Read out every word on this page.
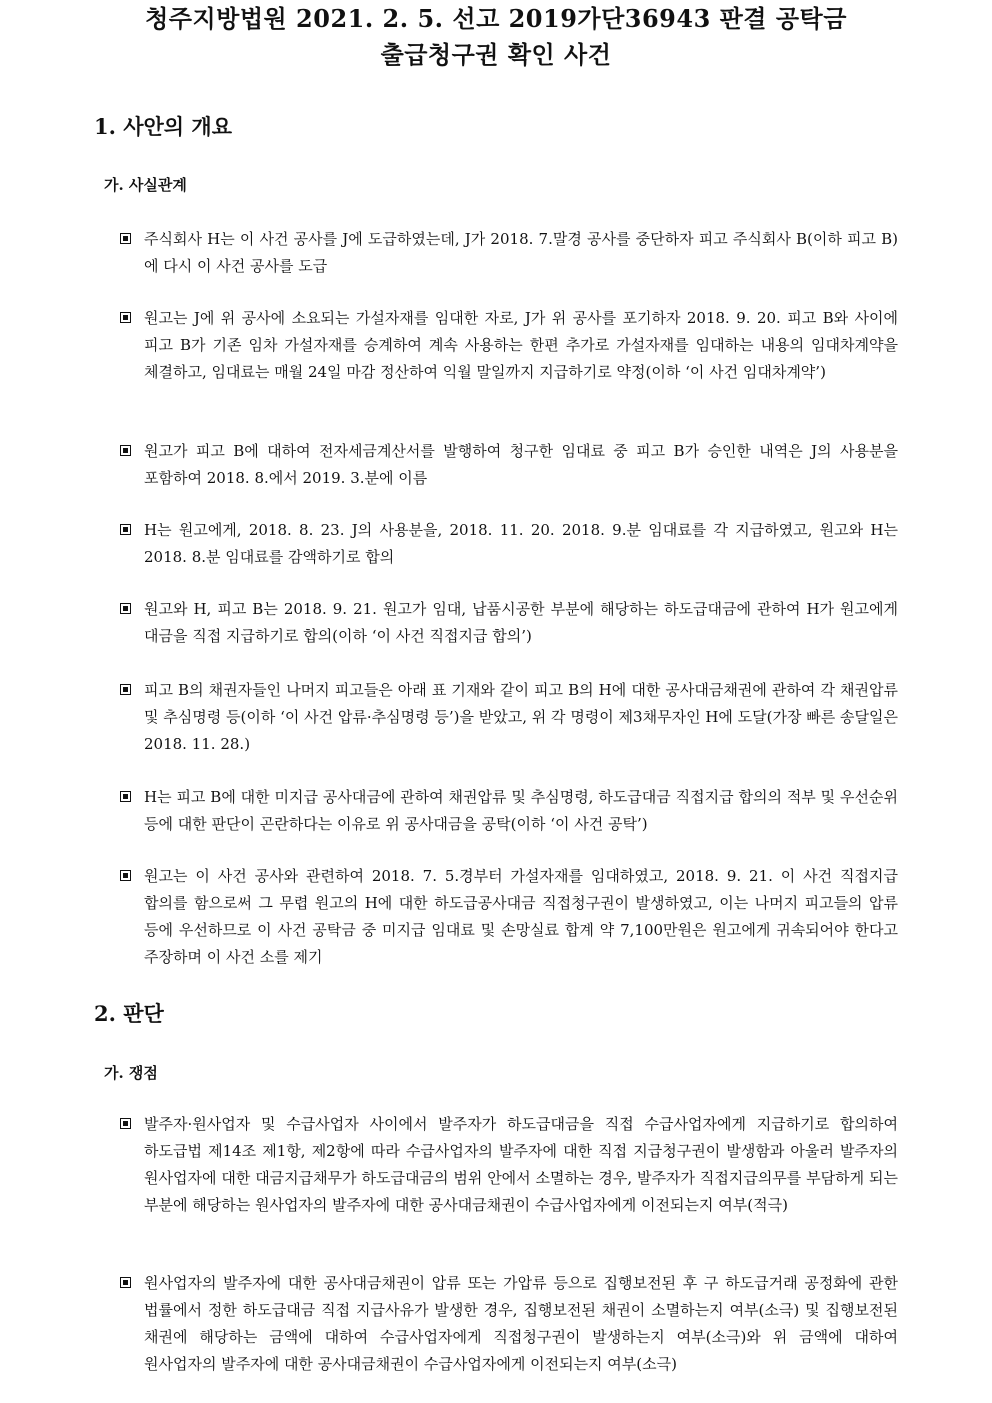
청주지방법원 2021. 2. 5. 선고 2019가단36943 판결 공탁금
출급청구권 확인 사건
1. 사안의 개요
가. 사실관계
주식회사 H는 이 사건 공사를 J에 도급하였는데, J가 2018. 7.말경 공사를 중단하자 피고 주식회사 B(이하 피고 B)에 다시 이 사건 공사를 도급
원고는 J에 위 공사에 소요되는 가설자재를 임대한 자로, J가 위 공사를 포기하자 2018. 9. 20. 피고 B와 사이에 피고 B가 기존 임차 가설자재를 승계하여 계속 사용하는 한편 추가로 가설자재를 임대하는 내용의 임대차계약을 체결하고, 임대료는 매월 24일 마감 정산하여 익월 말일까지 지급하기로 약정(이하 ‘이 사건 임대차계약’)
원고가 피고 B에 대하여 전자세금계산서를 발행하여 청구한 임대료 중 피고 B가 승인한 내역은 J의 사용분을 포함하여 2018. 8.에서 2019. 3.분에 이름
H는 원고에게, 2018. 8. 23. J의 사용분을, 2018. 11. 20. 2018. 9.분 임대료를 각 지급하였고, 원고와 H는 2018. 8.분 임대료를 감액하기로 합의
원고와 H, 피고 B는 2018. 9. 21. 원고가 임대, 납품시공한 부분에 해당하는 하도급대금에 관하여 H가 원고에게 대금을 직접 지급하기로 합의(이하 ‘이 사건 직접지급 합의’)
피고 B의 채권자들인 나머지 피고들은 아래 표 기재와 같이 피고 B의 H에 대한 공사대금채권에 관하여 각 채권압류 및 추심명령 등(이하 ‘이 사건 압류·추심명령 등’)을 받았고, 위 각 명령이 제3채무자인 H에 도달(가장 빠른 송달일은 2018. 11. 28.)
H는 피고 B에 대한 미지급 공사대금에 관하여 채권압류 및 추심명령, 하도급대금 직접지급 합의의 적부 및 우선순위 등에 대한 판단이 곤란하다는 이유로 위 공사대금을 공탁(이하 ‘이 사건 공탁’)
원고는 이 사건 공사와 관련하여 2018. 7. 5.경부터 가설자재를 임대하였고, 2018. 9. 21. 이 사건 직접지급 합의를 함으로써 그 무렵 원고의 H에 대한 하도급공사대금 직접청구권이 발생하였고, 이는 나머지 피고들의 압류 등에 우선하므로 이 사건 공탁금 중 미지급 임대료 및 손망실료 합계 약 7,100만원은 원고에게 귀속되어야 한다고 주장하며 이 사건 소를 제기
2. 판단
가. 쟁점
발주자·원사업자 및 수급사업자 사이에서 발주자가 하도급대금을 직접 수급사업자에게 지급하기로 합의하여 하도급법 제14조 제1항, 제2항에 따라 수급사업자의 발주자에 대한 직접 지급청구권이 발생함과 아울러 발주자의 원사업자에 대한 대금지급채무가 하도급대금의 범위 안에서 소멸하는 경우, 발주자가 직접지급의무를 부담하게 되는 부분에 해당하는 원사업자의 발주자에 대한 공사대금채권이 수급사업자에게 이전되는지 여부(적극)
원사업자의 발주자에 대한 공사대금채권이 압류 또는 가압류 등으로 집행보전된 후 구 하도급거래 공정화에 관한 법률에서 정한 하도급대금 직접 지급사유가 발생한 경우, 집행보전된 채권이 소멸하는지 여부(소극) 및 집행보전된 채권에 해당하는 금액에 대하여 수급사업자에게 직접청구권이 발생하는지 여부(소극)와 위 금액에 대하여 원사업자의 발주자에 대한 공사대금채권이 수급사업자에게 이전되는지 여부(소극)
